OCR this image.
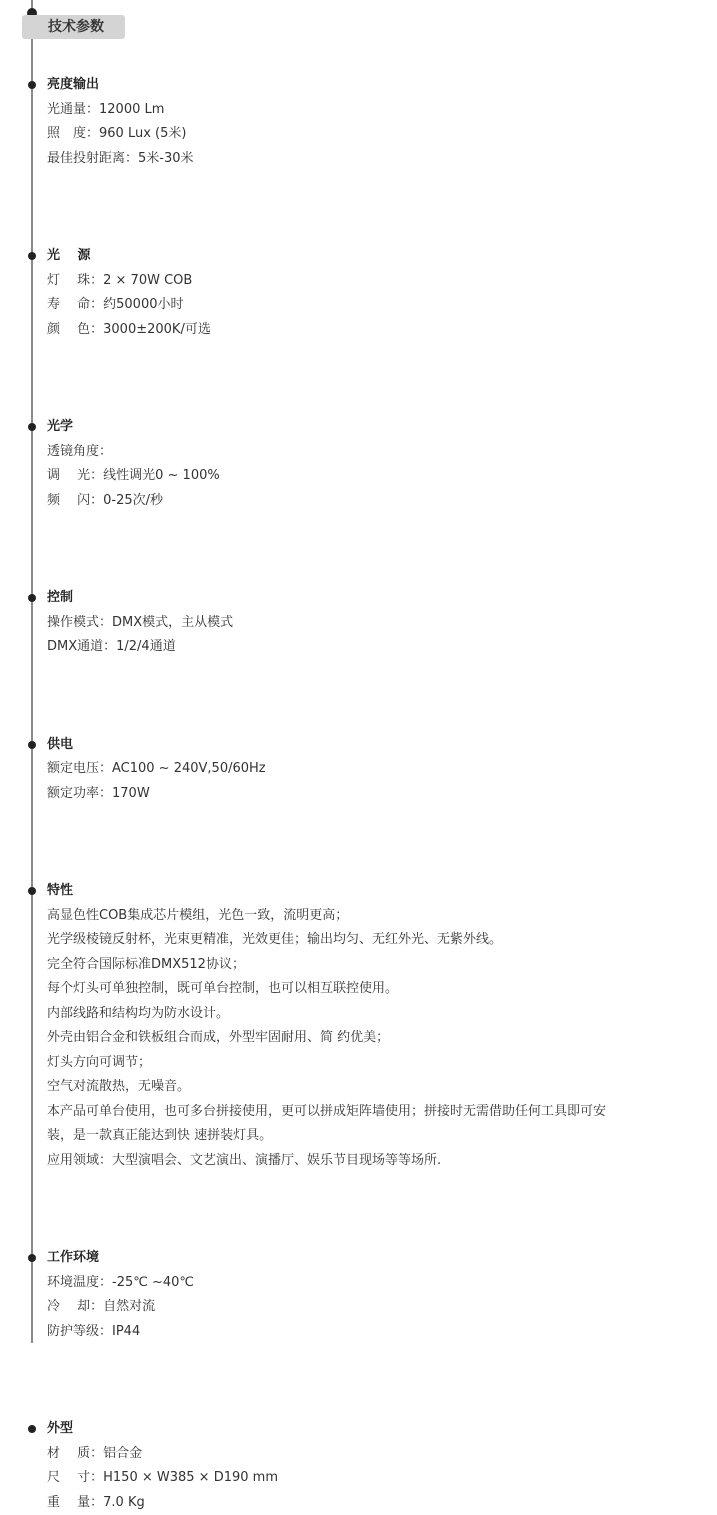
技术参数
亮度输出
光通量：12000 Lm
照　度：960 Lux (5米)
最佳投射距离：5米-30米
光　 源
灯　 珠：2 × 70W COB
寿　 命：约50000小时
颜　 色：3000±200K/可选
光学
透镜角度：
调　 光：线性调光0 ~ 100%
频　 闪：0-25次/秒
控制
操作模式：DMX模式，主从模式
DMX通道：1/2/4通道
供电
额定电压：AC100 ~ 240V,50/60Hz
额定功率：170W
特性
高显色性COB集成芯片模组，光色一致，流明更高；
光学级棱镜反射杯，光束更精准，光效更佳；输出均匀、无红外光、无紫外线。
完全符合国际标准DMX512协议；
每个灯头可单独控制，既可单台控制，也可以相互联控使用。
内部线路和结构均为防水设计。
外壳由铝合金和铁板组合而成，外型牢固耐用、简 约优美；
灯头方向可调节；
空气对流散热，无噪音。
本产品可单台使用，也可多台拼接使用，更可以拼成矩阵墙使用；拼接时无需借助任何工具即可安
装，是一款真正能达到快 速拼装灯具。
应用领域：大型演唱会、文艺演出、演播厅、娱乐节目现场等等场所.
工作环境
环境温度：-25℃ ~40℃
冷　 却：自然对流
防护等级：IP44
外型
材　 质：铝合金
尺　 寸：H150 × W385 × D190 mm
重　 量：7.0 Kg
